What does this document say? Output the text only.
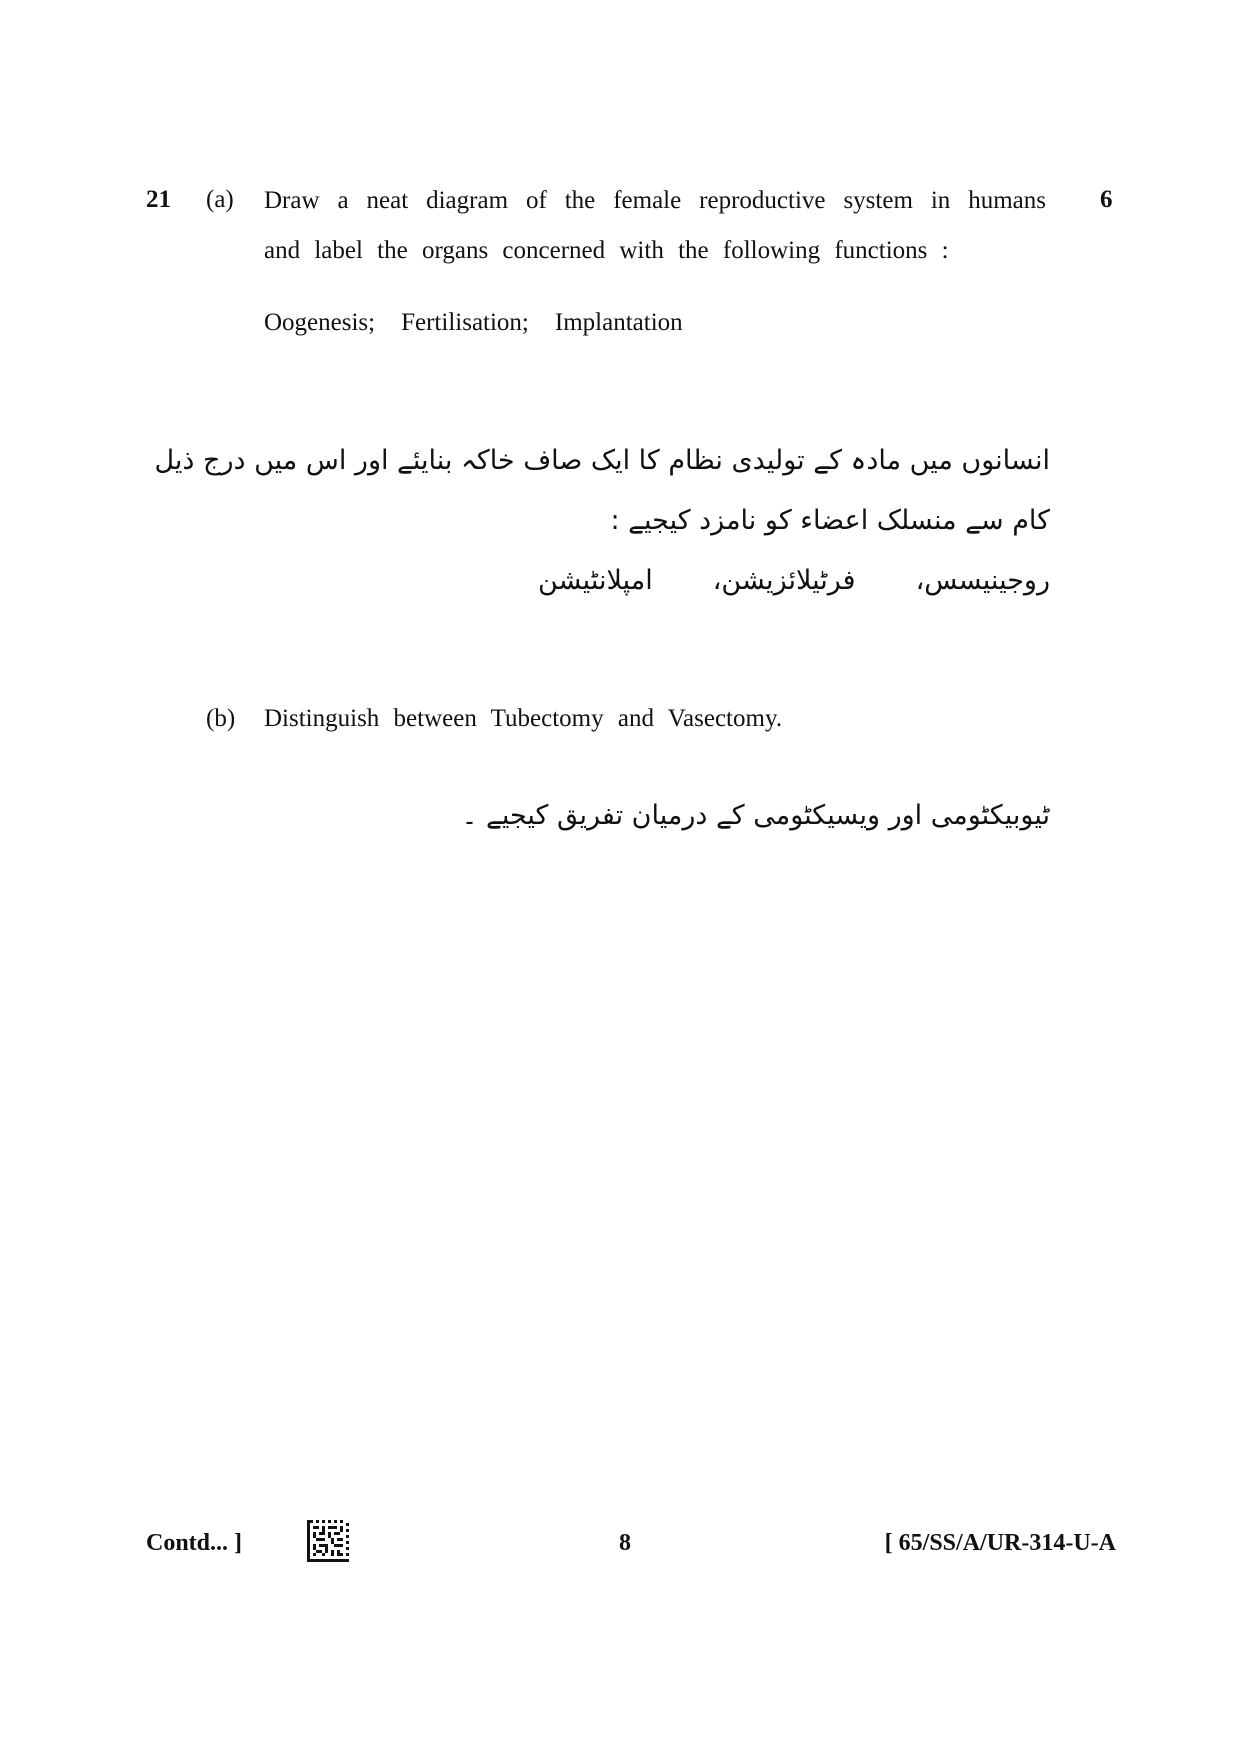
21	6
(a) Draw a neat diagram of the female reproductive system in humans
and label the organs concerned with the following functions :
Oogenesis; Fertilisation; Implantation
انسانوں میں مادہ کے تولیدی نظام کا ایک صاف خاکہ بنایئے اور اس میں درج ذیل
کام سے منسلک اعضاء کو نامزد کیجیے :
روجینیسس،
فرٹیلائزیشن،
امپلانٹیشن
(b) Distinguish between Tubectomy and Vasectomy.
ٹیوبیکٹومی اور ویسیکٹومی کے درمیان تفریق کیجیے ۔
Contd... ]	8	[ 65/SS/A/UR-314-U-A
